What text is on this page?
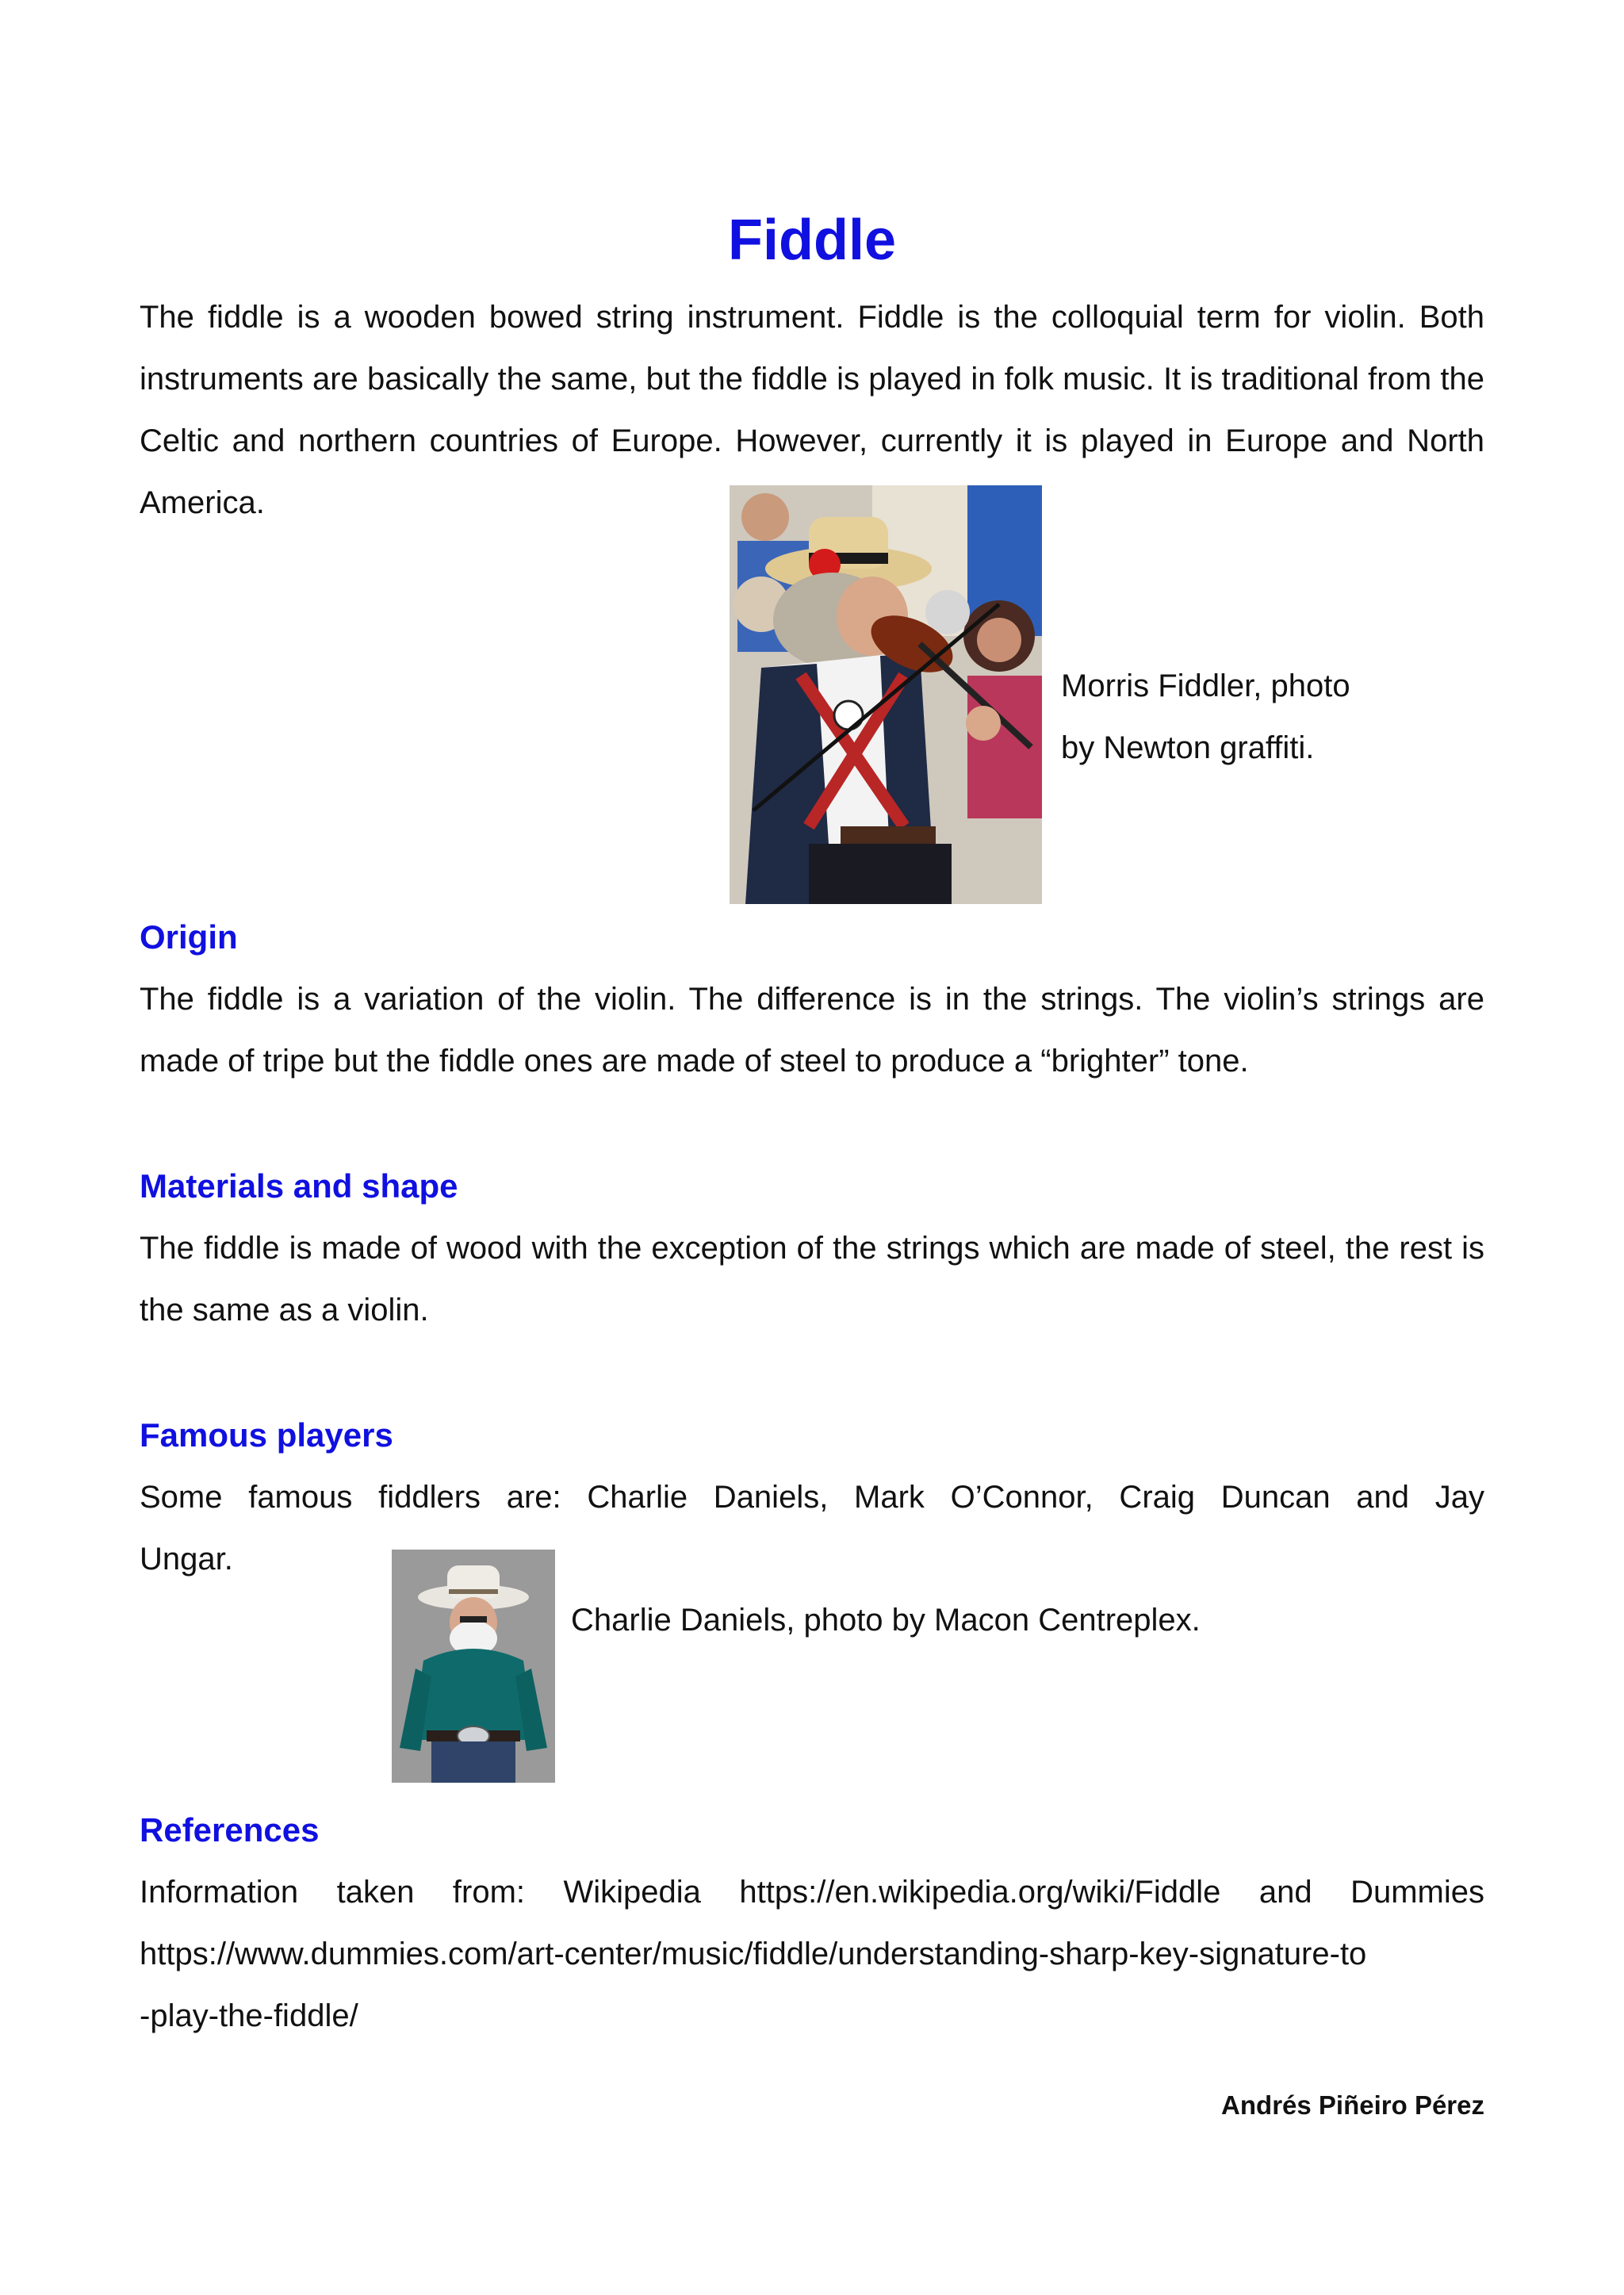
Fiddle

The fiddle is a wooden bowed string instrument. Fiddle is the colloquial term for violin. Both instruments are basically the same, but the fiddle is played in folk music. It is traditional from the Celtic and northern countries of Europe. However, currently it is played in Europe and North America.

Morris Fiddler, photo

by Newton graffiti.

Origin

The fiddle is a variation of the violin. The difference is in the strings. The violin’s strings are made of tripe but the fiddle ones are made of steel to produce a “brighter” tone.

Materials and shape

The fiddle is made of wood with the exception of the strings which are made of steel, the rest is the same as a violin.

Famous players

Some famous fiddlers are: Charlie Daniels, Mark O’Connor, Craig Duncan and Jay

Ungar.

Charlie Daniels, photo by Macon Centreplex.

References

Information taken from: Wikipedia https://en.wikipedia.org/wiki/Fiddle and Dummies

https://www.dummies.com/art-center/music/fiddle/understanding-sharp-key-signature-to

-play-the-fiddle/

Andrés Piñeiro Pérez
